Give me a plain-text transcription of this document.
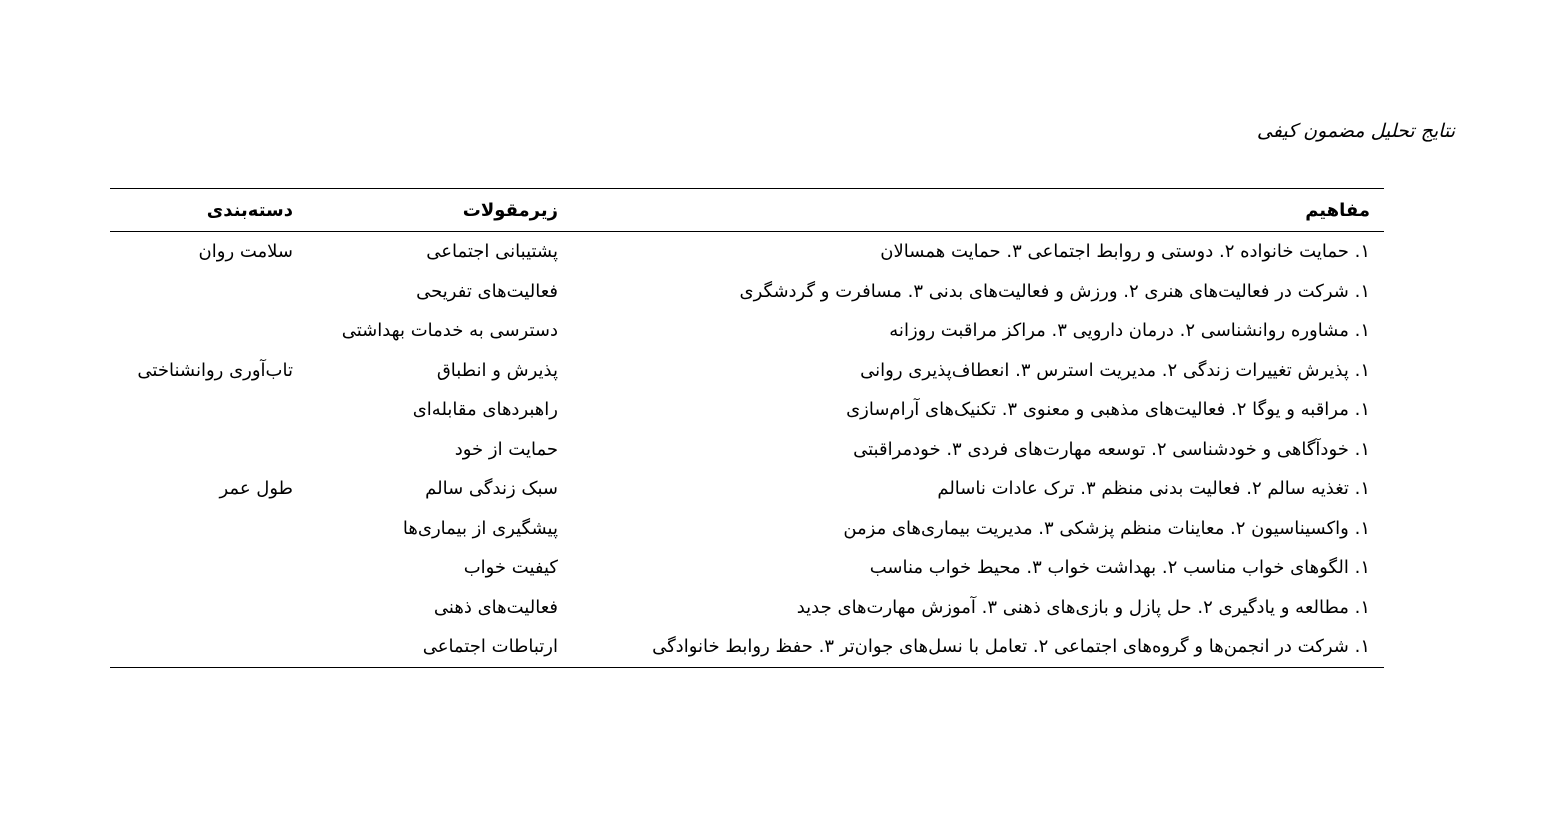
نتایج تحلیل مضمون کیفی
مفاهیم	زیرمقولات	دسته‌بندی
۱. حمایت خانواده ۲. دوستی و روابط اجتماعی ۳. حمایت همسالان	پشتیبانی اجتماعی	سلامت روان
۱. شرکت در فعالیت‌های هنری ۲. ورزش و فعالیت‌های بدنی ۳. مسافرت و گردشگری	فعالیت‌های تفریحی	
۱. مشاوره روانشناسی ۲. درمان دارویی ۳. مراکز مراقبت روزانه	دسترسی به خدمات بهداشتی	
۱. پذیرش تغییرات زندگی ۲. مدیریت استرس ۳. انعطاف‌پذیری روانی	پذیرش و انطباق	تاب‌آوری روانشناختی
۱. مراقبه و یوگا ۲. فعالیت‌های مذهبی و معنوی ۳. تکنیک‌های آرام‌سازی	راهبردهای مقابله‌ای	
۱. خودآگاهی و خودشناسی ۲. توسعه مهارت‌های فردی ۳. خودمراقبتی	حمایت از خود	
۱. تغذیه سالم ۲. فعالیت بدنی منظم ۳. ترک عادات ناسالم	سبک زندگی سالم	طول عمر
۱. واکسیناسیون ۲. معاینات منظم پزشکی ۳. مدیریت بیماری‌های مزمن	پیشگیری از بیماری‌ها	
۱. الگوهای خواب مناسب ۲. بهداشت خواب ۳. محیط خواب مناسب	کیفیت خواب	
۱. مطالعه و یادگیری ۲. حل پازل و بازی‌های ذهنی ۳. آموزش مهارت‌های جدید	فعالیت‌های ذهنی	
۱. شرکت در انجمن‌ها و گروه‌های اجتماعی ۲. تعامل با نسل‌های جوان‌تر ۳. حفظ روابط خانوادگی	ارتباطات اجتماعی	
